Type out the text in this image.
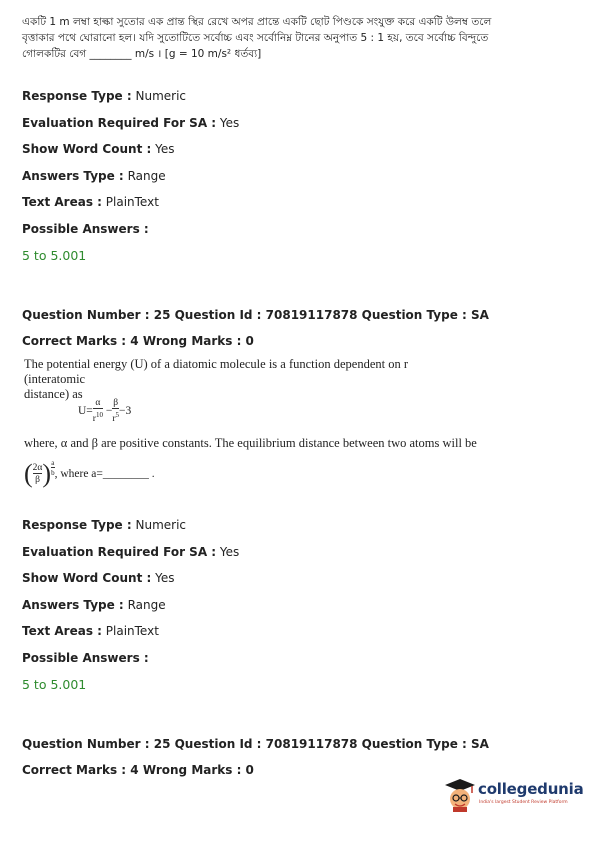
একটি 1 m লম্বা হাল্কা সুতোর এক প্রান্ত স্থির রেখে অপর প্রান্তে একটি ছোট পিণ্ডকে সংযুক্ত করে একটি উলম্ব তলে
বৃত্তাকার পথে ঘোরানো হল। যদি সুতোটিতে সর্বোচ্চ এবং সর্বোনিম্ন টানের অনুপাত 5 : 1 হয়, তবে সর্বোচ্চ বিন্দুতে
গোলকটির বেগ ________ m/s । [g = 10 m/s² ধর্তব্য]
Response Type : Numeric
Evaluation Required For SA : Yes
Show Word Count : Yes
Answers Type : Range
Text Areas : PlainText
Possible Answers :
5 to 5.001
Question Number : 25 Question Id : 70819117878 Question Type : SA
Correct Marks : 4 Wrong Marks : 0
The potential energy (U) of a diatomic molecule is a function dependent on r (interatomic
distance) as
$U= \frac{\alpha}{r^{10}} - \frac{\beta}{r^5} -3$
where, α and β are positive constants. The equilibrium distance between two atoms will be
( $\frac{2\alpha}{\beta}$ ) $^{\frac{a}{b}}$ , where a=________ .
Response Type : Numeric
Evaluation Required For SA : Yes
Show Word Count : Yes
Answers Type : Range
Text Areas : PlainText
Possible Answers :
5 to 5.001
Question Number : 25 Question Id : 70819117878 Question Type : SA
Correct Marks : 4 Wrong Marks : 0
collegedunia
India's largest Student Review Platform
